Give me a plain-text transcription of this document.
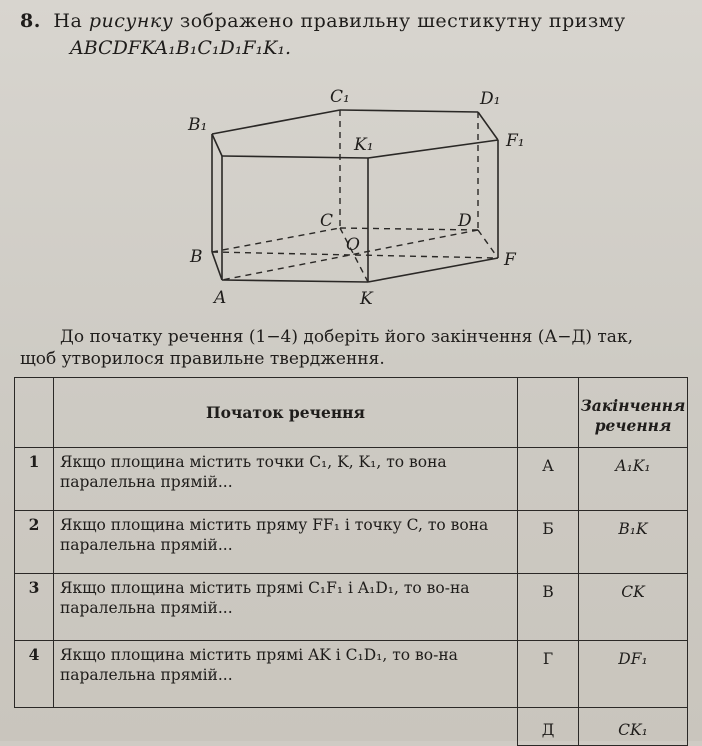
8. На рисунку зображено правильну шестикутну призму
ABCDFKA₁B₁C₁D₁F₁K₁.
B₁
C₁	D₁
F₁
K₁
B
C	D
F
K
A
O
До початку речення (1−4) доберіть його закінчення (А−Д) так,
щоб утворилося правильне твердження.
	Початок речення		Закінчення
речення
1	Якщо площина містить точки C₁, K, K₁, то вона паралельна прямій...	А	A₁K₁
2	Якщо площина містить пряму FF₁ і точку C, то вона паралельна прямій...	Б	B₁K
3	Якщо площина містить прямі C₁F₁ і A₁D₁, то во-на паралельна прямій...	В	CK
4	Якщо площина містить прямі AK і C₁D₁, то во-на паралельна прямій...	Г	DF₁
		Д	CK₁
